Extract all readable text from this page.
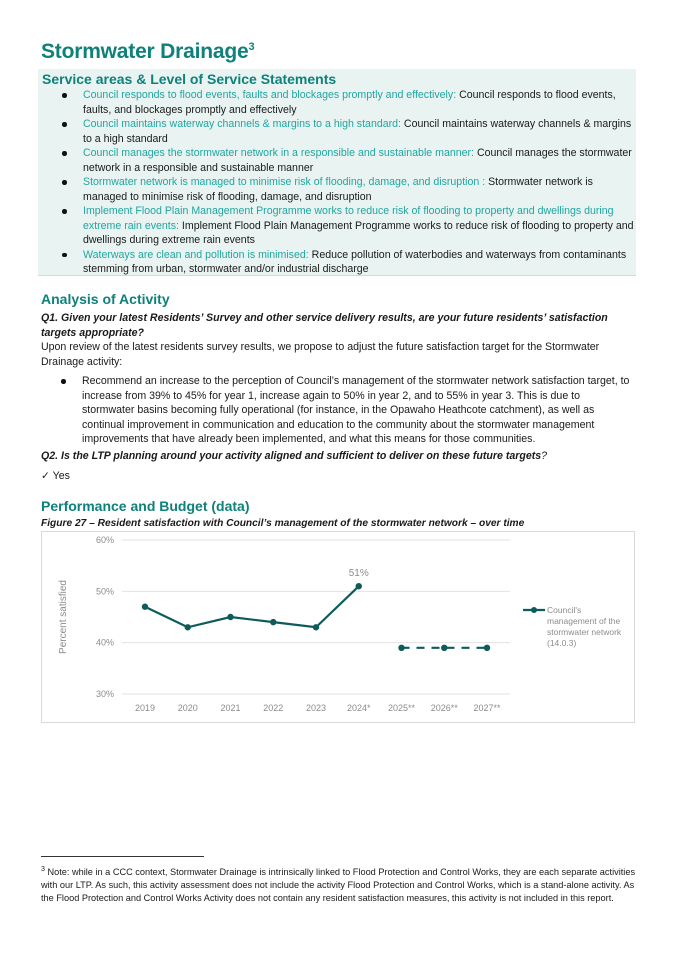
Stormwater Drainage$^3$
Service areas & Level of Service Statements
Council responds to flood events, faults and blockages promptly and effectively: Council responds to flood events, faults, and blockages promptly and effectively
Council maintains waterway channels & margins to a high standard: Council maintains waterway channels & margins to a high standard
Council manages the stormwater network in a responsible and sustainable manner: Council manages the stormwater network in a responsible and sustainable manner
Stormwater network is managed to minimise risk of flooding, damage, and disruption : Stormwater network is managed to minimise risk of flooding, damage, and disruption
Implement Flood Plain Management Programme works to reduce risk of flooding to property and dwellings during extreme rain events: Implement Flood Plain Management Programme works to reduce risk of flooding to property and dwellings during extreme rain events
Waterways are clean and pollution is minimised: Reduce pollution of waterbodies and waterways from contaminants stemming from urban, stormwater and/or industrial discharge
Analysis of Activity

Q1. Given your latest Residents’ Survey and other service delivery results, are your future residents’ satisfaction targets appropriate?

Upon review of the latest residents survey results, we propose to adjust the future satisfaction target for the Stormwater Drainage activity:

Recommend an increase to the perception of Council’s management of the stormwater network satisfaction target, to increase from 39% to 45% for year 1, increase again to 50% in year 2, and to 55% in year 3. This is due to stormwater basins becoming fully operational (for instance, in the Opawaho Heathcote catchment), as well as continual improvement in communication and education to the community about the stormwater management improvements that have already been implemented, and what this means for those communities.

Q2. Is the LTP planning around your activity aligned and sufficient to deliver on these future targets?

✓ Yes

Performance and Budget (data)

Figure 27 – Resident satisfaction with Council’s management of the stormwater network – over time

30%
40%
50%
60%
2019	2020	2021	2022	2023 2024* 2025** 2026** 2027**
Percent satisfied
51%
Council's management of the stormwater network (14.0.3)

$^3$ Note: while in a CCC context, Stormwater Drainage is intrinsically linked to Flood Protection and Control Works, they are each separate activities with our LTP. As such, this activity assessment does not include the activity Flood Protection and Control Works, which is a stand-alone activity. As the Flood Protection and Control Works Activity does not contain any resident satisfaction measures, this activity is not included in this report.
